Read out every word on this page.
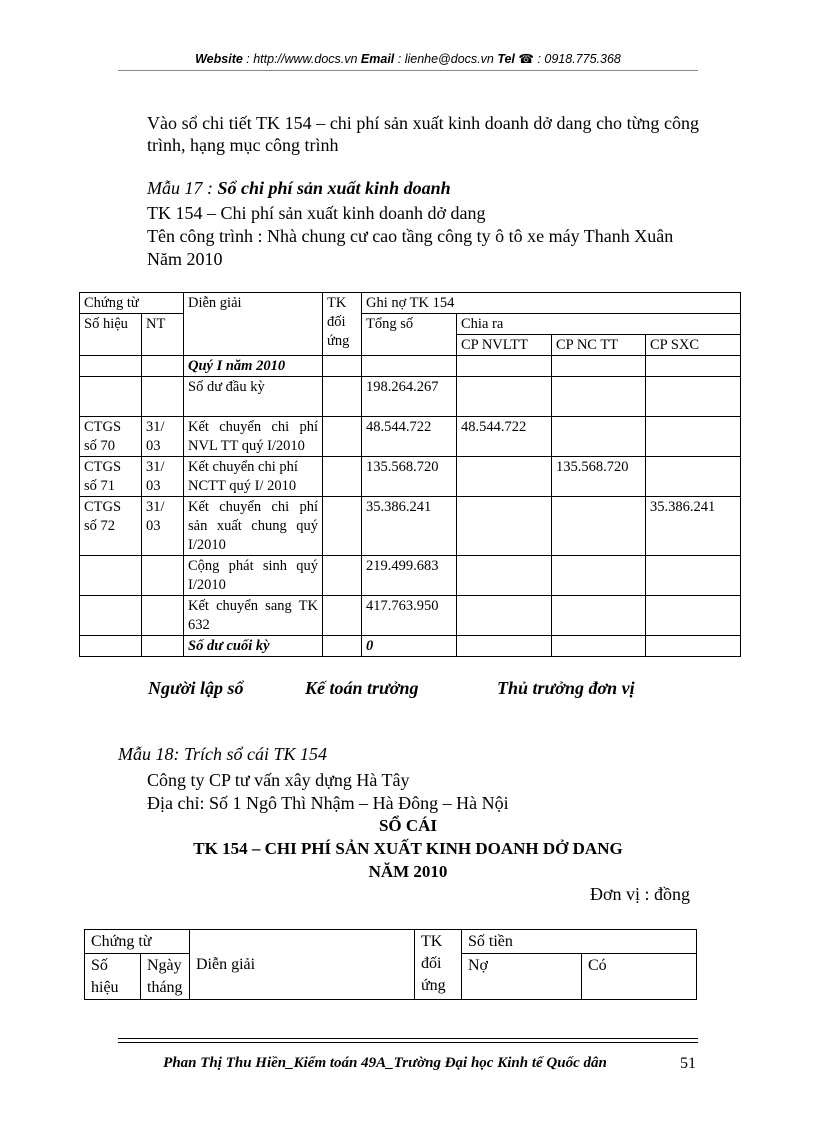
Website : http://www.docs.vn Email : lienhe@docs.vn Tel ☎ : 0918.775.368
Vào sổ chi tiết TK 154 – chi phí sản xuất kinh doanh dở dang cho từng công trình, hạng mục công trình
Mẫu 17 : Sổ chi phí sản xuất kinh doanh
TK 154 – Chi phí sản xuất kinh doanh dở dang
Tên công trình : Nhà chung cư cao tầng công ty ô tô xe máy Thanh Xuân
Năm 2010
Chứng từ		Diễn giải	TK đối ứng	Ghi nợ TK 154			
Số hiệu	NT			Tổng số	Chia ra		
					CP NVLTT	CP NC TT	CP SXC
		Quý I năm 2010					
		Số dư đầu kỳ		198.264.267			
CTGS số 70	31/ 03	Kết chuyển chi phí NVL TT quý I/2010		48.544.722	48.544.722		
CTGS số 71	31/ 03	Kết chuyển chi phí NCTT quý I/ 2010		135.568.720		135.568.720	
CTGS số 72	31/ 03	Kết chuyển chi phí sản xuất chung quý I/2010		35.386.241			35.386.241
		Cộng phát sinh quý I/2010		219.499.683			
		Kết chuyển sang TK 632		417.763.950			
		Số dư cuối kỳ		0			
Người lập sổ	Kế toán trưởng	Thủ trưởng đơn vị
Mẫu 18: Trích sổ cái TK 154
Công ty CP tư vấn xây dựng Hà Tây
Địa chỉ: Số 1 Ngô Thì Nhậm – Hà Đông – Hà Nội
SỔ CÁI
TK 154 – CHI PHÍ SẢN XUẤT KINH DOANH DỞ DANG
NĂM 2010
Đơn vị : đồng
Chứng từ		Diễn giải	TK đối ứng	Số tiền	
Số hiệu	Ngày tháng			Nợ	Có
Phan Thị Thu Hiền_Kiểm toán 49A_Trường Đại học Kinh tế Quốc dân	51
